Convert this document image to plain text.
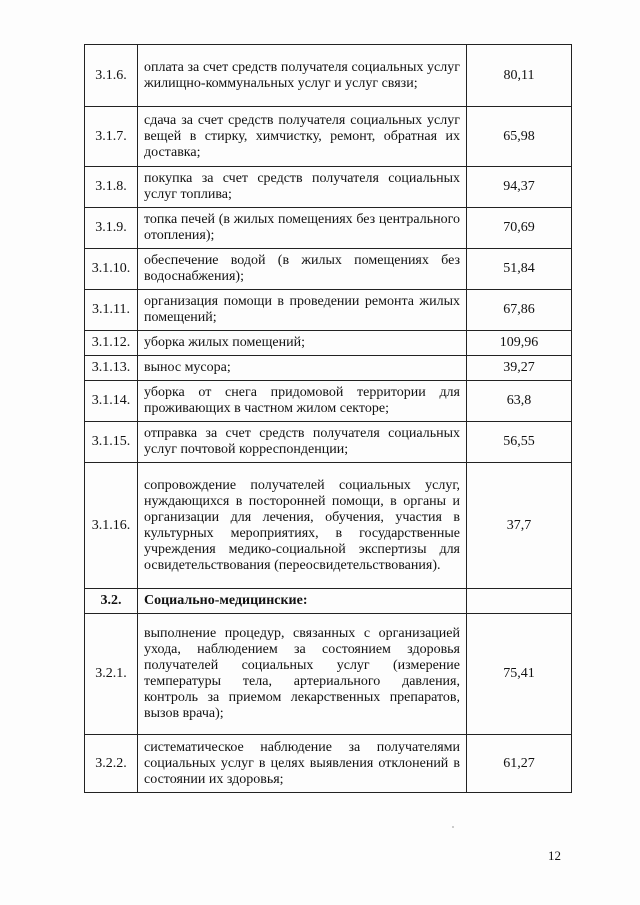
3.1.6.	оплата за счет средств получателя социальных услуг жилищно-коммунальных услуг и услуг связи;	80,11
3.1.7.	сдача за счет средств получателя социальных услуг вещей в стирку, химчистку, ремонт, обратная их доставка;	65,98
3.1.8.	покупка за счет средств получателя социальных услуг топлива;	94,37
3.1.9.	топка печей (в жилых помещениях без центрального отопления);	70,69
3.1.10.	обеспечение водой (в жилых помещениях без водоснабжения);	51,84
3.1.11.	организация помощи в проведении ремонта жилых помещений;	67,86
3.1.12.	уборка жилых помещений;	109,96
3.1.13.	вынос мусора;	39,27
3.1.14.	уборка от снега придомовой территории для проживающих в частном жилом секторе;	63,8
3.1.15.	отправка за счет средств получателя социальных услуг почтовой корреспонденции;	56,55
3.1.16.	сопровождение получателей социальных услуг, нуждающихся в посторонней помощи, в органы и организации для лечения, обучения, участия в культурных мероприятиях, в государственные учреждения медико-социальной экспертизы для освидетельствования (переосвидетельствования).	37,7
3.2.	Социально-медицинские:	
3.2.1.	выполнение процедур, связанных с организацией ухода, наблюдением за состоянием здоровья получателей социальных услуг (измерение температуры тела, артериального давления, контроль за приемом лекарственных препаратов, вызов врача);	75,41
3.2.2.	систематическое наблюдение за получателями социальных услуг в целях выявления отклонений в состоянии их здоровья;	61,27
12
